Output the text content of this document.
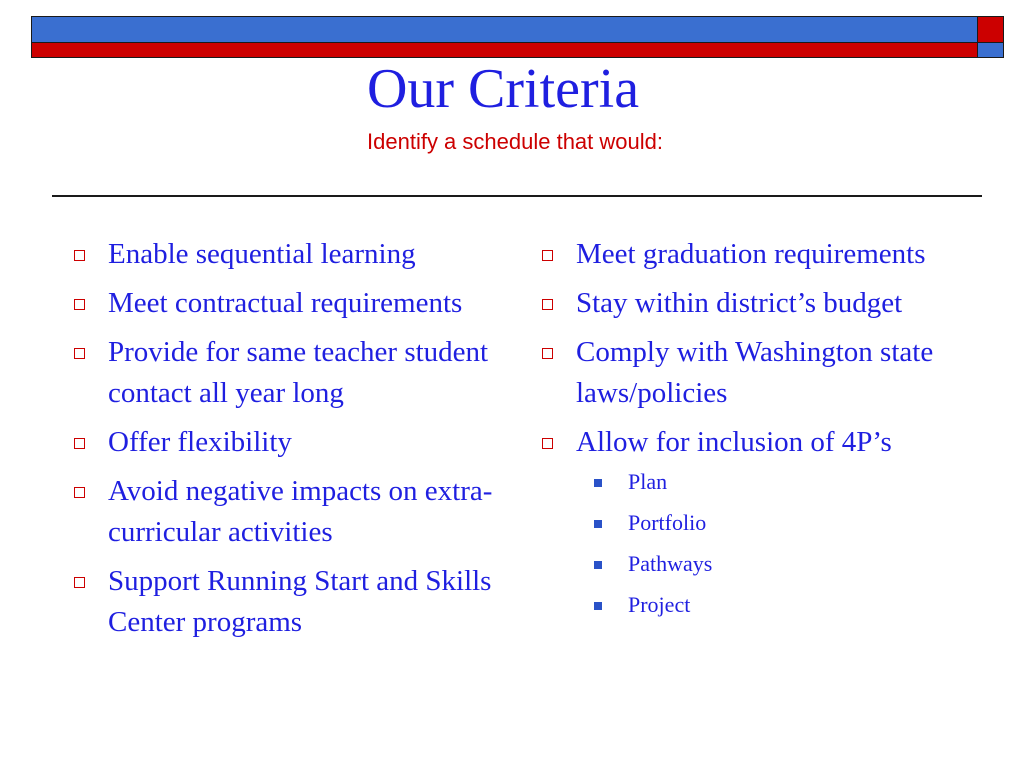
Our Criteria
Identify a schedule that would:
Enable sequential learning
Meet contractual requirements
Provide for same teacher student contact all year long
Offer flexibility
Avoid negative impacts on extra-curricular activities
Support Running Start and Skills Center programs
Meet graduation requirements
Stay within district’s budget
Comply with Washington state laws/policies
Allow for inclusion of 4P’s
Plan
Portfolio
Pathways
Project
